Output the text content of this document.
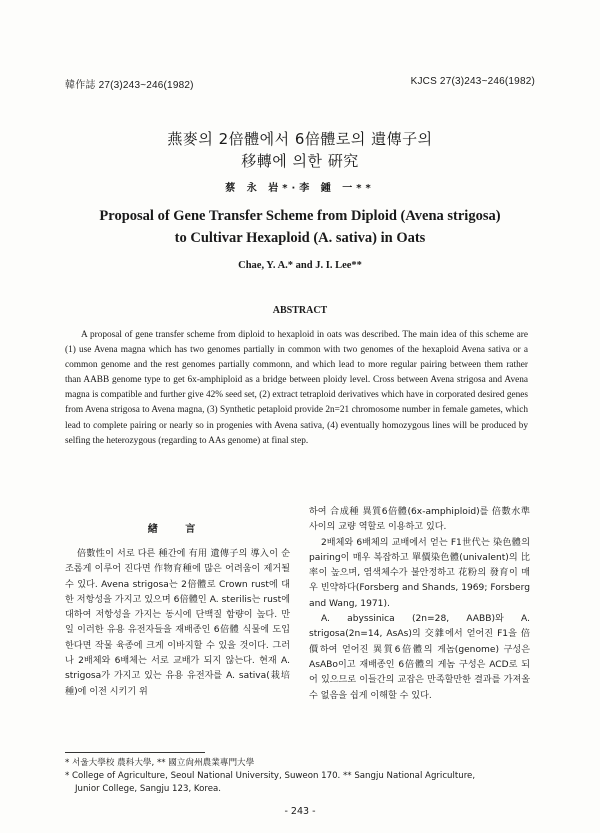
韓作誌 27(3)243~246(1982)	KJCS 27(3)243~246(1982)
燕麥의 2倍體에서 6倍體로의 遺傳子의
移轉에 의한 硏究
蔡 永 岩*·李 鍾 一**
Proposal of Gene Transfer Scheme from Diploid (Avena strigosa)
to Cultivar Hexaploid (A. sativa) in Oats
Chae, Y. A.* and J. I. Lee**
ABSTRACT
A proposal of gene transfer scheme from diploid to hexaploid in oats was described. The main idea of this scheme are (1) use Avena magna which has two genomes partially in common with two genomes of the hexaploid Avena sativa or a common genome and the rest genomes partially commonn, and which lead to more regular pairing between them rather than AABB genome type to get 6x-amphiploid as a bridge between ploidy level. Cross between Avena strigosa and Avena magna is compatible and further give 42% seed set, (2) extract tetraploid derivatives which have in corporated desired genes from Avena strigosa to Avena magna, (3) Synthetic petaploid provide 2n=21 chromosome number in female gametes, which lead to complete pairing or nearly so in progenies with Avena sativa, (4) eventually homozygous lines will be produced by selfing the heterozygous (regarding to AAs genome) at final step.
緖 言

倍數性이 서로 다른 種간에 有用 遺傳子의 導入이 순조롭게 이루어 진다면 作物育種에 많은 어려움이 제거될 수 있다. Avena strigosa는 2倍體로 Crown rust에 대한 저항성을 가지고 있으며 6倍體인 A. sterilis는 rust에 대하여 저항성을 가지는 동시에 단백질 함량이 높다. 만일 이러한 유용 유전자들을 재배종인 6倍體 식물에 도입한다면 작물 육종에 크게 이바지할 수 있을 것이다. 그러나 2배체와 6배체는 서로 교배가 되지 않는다. 현재 A. strigosa가 가지고 있는 유용 유전자를 A. sativa(栽培種)에 이전 시키기 위

하여 合成種 異質6倍體(6x-amphiploid)를 倍數水準 사이의 교량 역할로 이용하고 있다.

2배체와 6배체의 교배에서 얻는 F1世代는 染色體의 pairing이 매우 복잡하고 單價染色體(univalent)의 比率이 높으며, 염색체수가 불안정하고 花粉의 發育이 매우 빈약하다(Forsberg and Shands, 1969; Forsberg and Wang, 1971).

A. abyssinica (2n=28, AABB)와 A. strigosa(2n=14, AsAs)의 交雜에서 얻어진 F1을 倍價하여 얻어진 異質6倍體의 게놈(genome) 구성은 AsABo이고 재배종인 6倍體의 게놈 구성은 ACD로 되어 있으므로 이들간의 교잡은 만족할만한 결과를 가져올 수 없음을 쉽게 이해할 수 있다.

* 서울大學校 農科大學, ** 國立尙州農業專門大學
* College of Agriculture, Seoul National University, Suweon 170. ** Sangju National Agriculture,
Junior College, Sangju 123, Korea.
- 243 -
